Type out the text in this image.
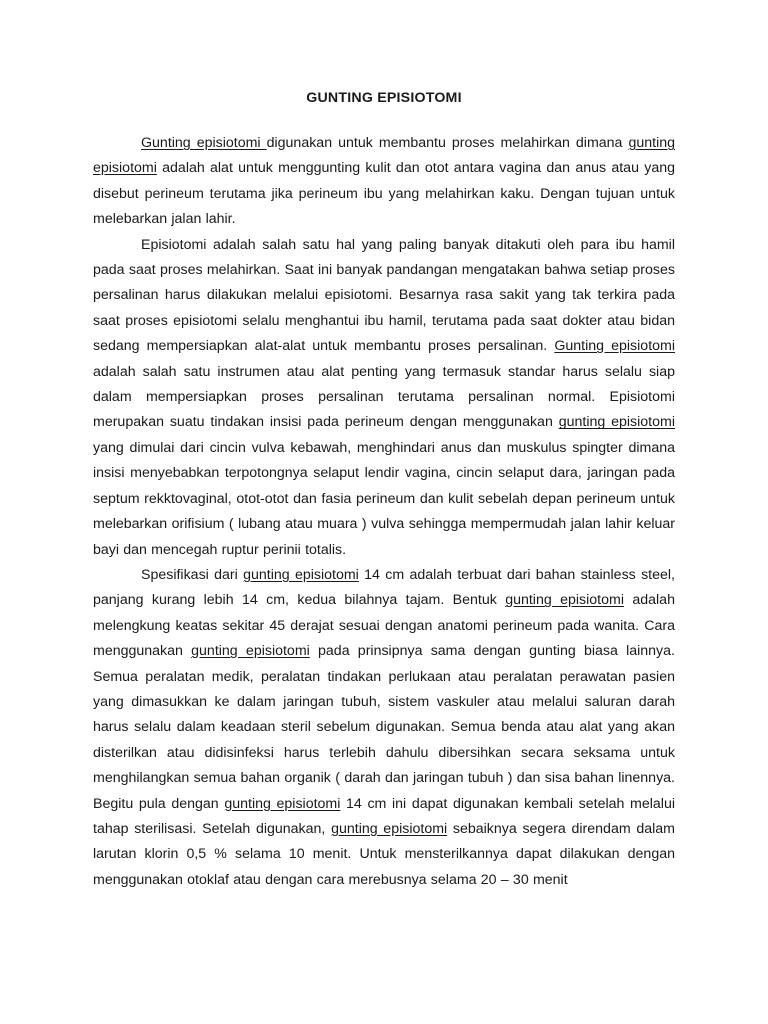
GUNTING EPISIOTOMI

Gunting episiotomi digunakan untuk membantu proses melahirkan dimana gunting episiotomi adalah alat untuk menggunting kulit dan otot antara vagina dan anus atau yang disebut perineum terutama jika perineum ibu yang melahirkan kaku. Dengan tujuan untuk melebarkan jalan lahir.

Episiotomi adalah salah satu hal yang paling banyak ditakuti oleh para ibu hamil pada saat proses melahirkan. Saat ini banyak pandangan mengatakan bahwa setiap proses persalinan harus dilakukan melalui episiotomi. Besarnya rasa sakit yang tak terkira pada saat proses episiotomi selalu menghantui ibu hamil, terutama pada saat dokter atau bidan sedang mempersiapkan alat-alat untuk membantu proses persalinan. Gunting episiotomi adalah salah satu instrumen atau alat penting yang termasuk standar harus selalu siap dalam mempersiapkan proses persalinan terutama persalinan normal. Episiotomi merupakan suatu tindakan insisi pada perineum dengan menggunakan gunting episiotomi yang dimulai dari cincin vulva kebawah, menghindari anus dan muskulus spingter dimana insisi menyebabkan terpotongnya selaput lendir vagina, cincin selaput dara, jaringan pada septum rekktovaginal, otot-otot dan fasia perineum dan kulit sebelah depan perineum untuk melebarkan orifisium ( lubang atau muara ) vulva sehingga mempermudah jalan lahir keluar bayi dan mencegah ruptur perinii totalis.

Spesifikasi dari gunting episiotomi 14 cm adalah terbuat dari bahan stainless steel, panjang kurang lebih 14 cm, kedua bilahnya tajam. Bentuk gunting episiotomi adalah melengkung keatas sekitar 45 derajat sesuai dengan anatomi perineum pada wanita. Cara menggunakan gunting episiotomi pada prinsipnya sama dengan gunting biasa lainnya. Semua peralatan medik, peralatan tindakan perlukaan atau peralatan perawatan pasien yang dimasukkan ke dalam jaringan tubuh, sistem vaskuler atau melalui saluran darah harus selalu dalam keadaan steril sebelum digunakan. Semua benda atau alat yang akan disterilkan atau didisinfeksi harus terlebih dahulu dibersihkan secara seksama untuk menghilangkan semua bahan organik ( darah dan jaringan tubuh ) dan sisa bahan linennya. Begitu pula dengan gunting episiotomi 14 cm ini dapat digunakan kembali setelah melalui tahap sterilisasi. Setelah digunakan, gunting episiotomi sebaiknya segera direndam dalam larutan klorin 0,5 % selama 10 menit. Untuk mensterilkannya dapat dilakukan dengan menggunakan otoklaf atau dengan cara merebusnya selama 20 – 30 menit
